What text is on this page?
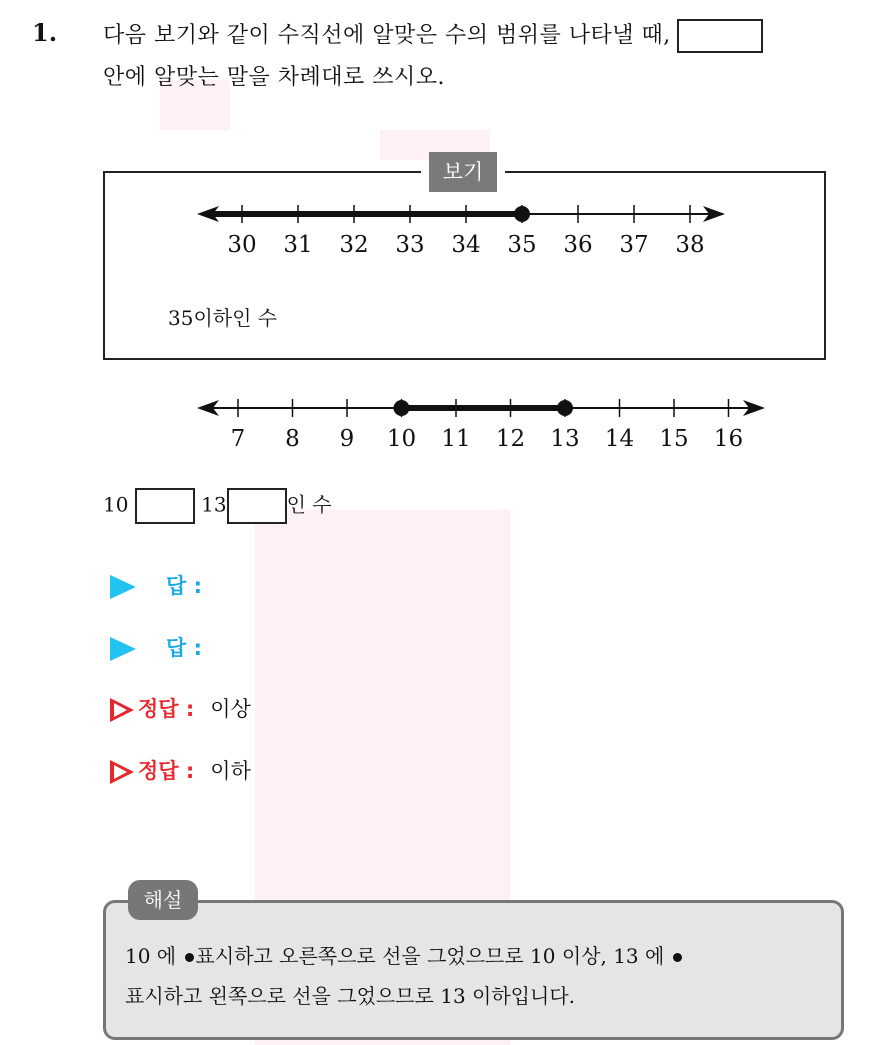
1. 다음 보기와 같이 수직선에 알맞은 수의 범위를 나타낼 때,
안에 알맞는 말을 차례대로 쓰시오.
보기
30 31 32 33 34 35 36 37 38
35이하인 수
7 8 9 10 11 12 13 14 15 16
10	13	인 수
답 :
답 :
정답 : 이상
정답 : 이하
해설
10 에 표시하고 오른쪽으로 선을 그었으므로 10 이상, 13 에
표시하고 왼쪽으로 선을 그었으므로 13 이하입니다.
